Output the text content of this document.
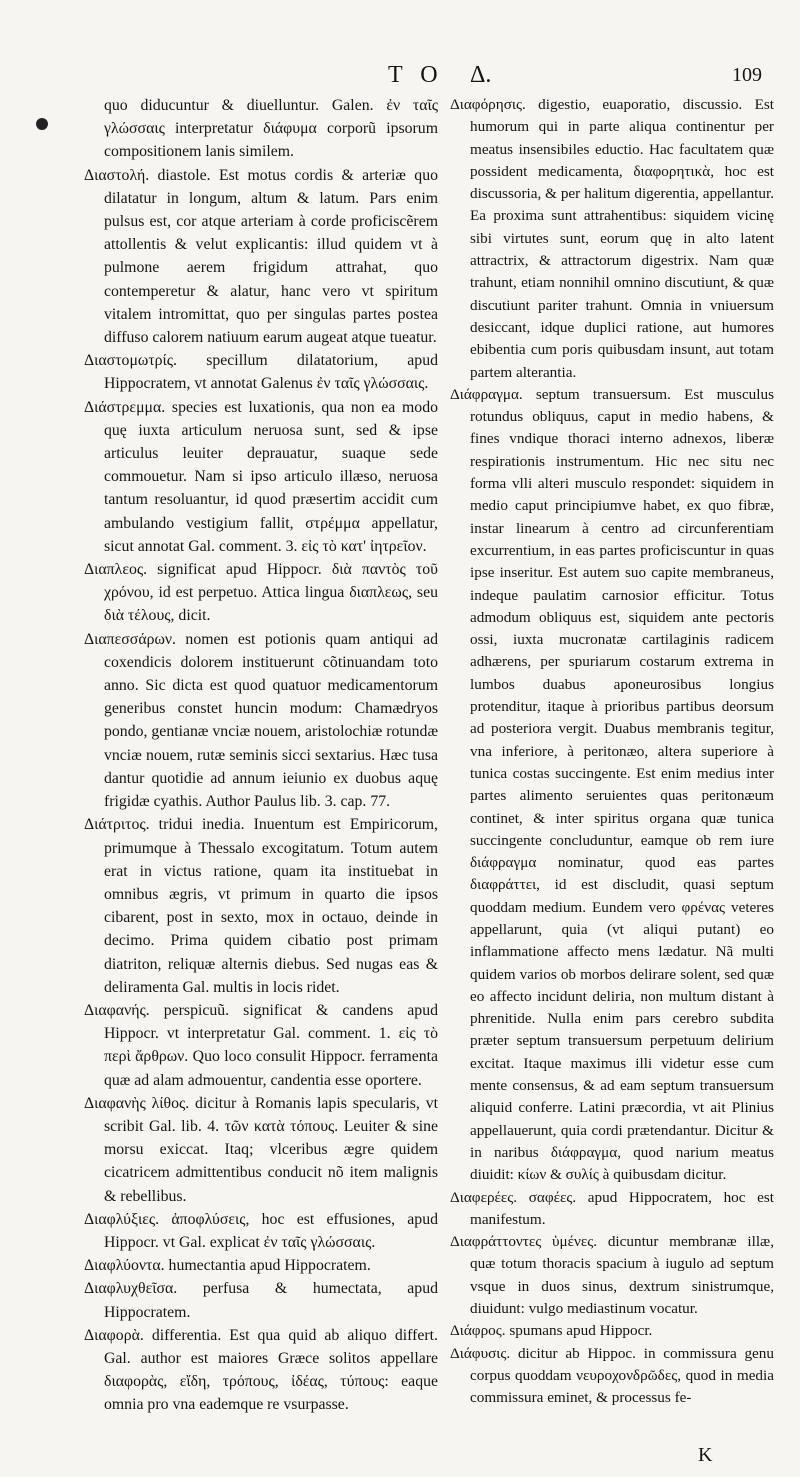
T O Δ.	109

quo diducuntur & diuelluntur. Galen. ἐν ταῖς γλώσσαις interpretatur διάφυμα corporũ ipsorum compositionem lanis similem.

Διαστολή. diastole. Est motus cordis & arteriæ quo dilatatur in longum, altum & latum. Pars enim pulsus est, cor atque arteriam à corde proficiscẽrem attollentis & velut explicantis: illud quidem vt à pulmone aerem frigidum attrahat, quo contemperetur & alatur, hanc vero vt spiritum vitalem intromittat, quo per singulas partes postea diffuso calorem natiuum earum augeat atque tueatur.

Διαστομωτρίς. specillum dilatatorium, apud Hippocratem, vt annotat Galenus ἐν ταῖς γλώσσαις.

Διάστρεμμα. species est luxationis, qua non ea modo quę iuxta articulum neruosa sunt, sed & ipse articulus leuiter deprauatur, suaque sede commouetur. Nam si ipso articulo illæso, neruosa tantum resoluantur, id quod præsertim accidit cum ambulando vestigium fallit, στρέμμα appellatur, sicut annotat Gal. comment. 3. εἰς τὸ κατ' ἰητρεῖον.

Διαπλεος. significat apud Hippocr. διὰ παντὸς τοῦ χρόνου, id est perpetuo. Attica lingua διαπλεως, seu διὰ τέλους, dicit.

Διαπεσσάρων. nomen est potionis quam antiqui ad coxendicis dolorem instituerunt cõtinuandam toto anno. Sic dicta est quod quatuor medicamentorum generibus constet huncin modum: Chamædryos pondo, gentianæ vnciæ nouem, aristolochiæ rotundæ vnciæ nouem, rutæ seminis sicci sextarius. Hæc tusa dantur quotidie ad annum ieiunio ex duobus aquę frigidæ cyathis. Author Paulus lib. 3. cap. 77.

Διάτριτος. tridui inedia. Inuentum est Empiricorum, primumque à Thessalo excogitatum. Totum autem erat in victus ratione, quam ita instituebat in omnibus ægris, vt primum in quarto die ipsos cibarent, post in sexto, mox in octauo, deinde in decimo. Prima quidem cibatio post primam diatriton, reliquæ alternis diebus. Sed nugas eas & deliramenta Gal. multis in locis ridet.

Διαφανής. perspicuũ. significat & candens apud Hippocr. vt interpretatur Gal. comment. 1. εἰς τὸ περὶ ἄρθρων. Quo loco consulit Hippocr. ferramenta quæ ad alam admouentur, candentia esse oportere.

Διαφανὴς λίθος. dicitur à Romanis lapis specularis, vt scribit Gal. lib. 4. τῶν κατὰ τόπους. Leuiter & sine morsu exiccat. Itaq; vlceribus ægre quidem cicatricem admittentibus conducit nõ item malignis & rebellibus.

Διαφλύξιες. ἀποφλύσεις, hoc est effusiones, apud Hippocr. vt Gal. explicat ἐν ταῖς γλώσσαις.

Διαφλύοντα. humectantia apud Hippocratem.

Διαφλυχθεῖσα. perfusa & humectata, apud Hippocratem.

Διαφορὰ. differentia. Est qua quid ab aliquo differt. Gal. author est maiores Græce solitos appellare διαφορὰς, εἴδη, τρόπους, ἰδέας, τύπους: eaque omnia pro vna eademque re vsurpasse.

Διαφόρησις. digestio, euaporatio, discussio. Est humorum qui in parte aliqua continentur per meatus insensibiles eductio. Hac facultatem quæ possident medicamenta, διαφορητικὰ, hoc est discussoria, & per halitum digerentia, appellantur. Ea proxima sunt attrahentibus: siquidem vicinę sibi virtutes sunt, eorum quę in alto latent attractrix, & attractorum digestrix. Nam quæ trahunt, etiam nonnihil omnino discutiunt, & quæ discutiunt pariter trahunt. Omnia in vniuersum desiccant, idque duplici ratione, aut humores ebibentia cum poris quibusdam insunt, aut totam partem alterantia.

Διάφραγμα. septum transuersum. Est musculus rotundus obliquus, caput in medio habens, & fines vndique thoraci interno adnexos, liberæ respirationis instrumentum. Hic nec situ nec forma vlli alteri musculo respondet: siquidem in medio caput principiumve habet, ex quo fibræ, instar linearum à centro ad circunferentiam excurrentium, in eas partes proficiscuntur in quas ipse inseritur. Est autem suo capite membraneus, indeque paulatim carnosior efficitur. Totus admodum obliquus est, siquidem ante pectoris ossi, iuxta mucronatæ cartilaginis radicem adhærens, per spuriarum costarum extrema in lumbos duabus aponeurosibus longius protenditur, itaque à prioribus partibus deorsum ad posteriora vergit. Duabus membranis tegitur, vna inferiore, à peritonæo, altera superiore à tunica costas succingente. Est enim medius inter partes alimento seruientes quas peritonæum continet, & inter spiritus organa quæ tunica succingente concluduntur, eamque ob rem iure διάφραγμα nominatur, quod eas partes διαφράττει, id est discludit, quasi septum quoddam medium. Eundem vero φρένας veteres appellarunt, quia (vt aliqui putant) eo inflammatione affecto mens lædatur. Nã multi quidem varios ob morbos delirare solent, sed quæ eo affecto incidunt deliria, non multum distant à phrenitide. Nulla enim pars cerebro subdita præter septum transuersum perpetuum delirium excitat. Itaque maximus illi videtur esse cum mente consensus, & ad eam septum transuersum aliquid conferre. Latini præcordia, vt ait Plinius appellauerunt, quia cordi prætendantur. Dicitur & in naribus διάφραγμα, quod narium meatus diuidit: κίων & συλίς à quibusdam dicitur.

Διαφερέες. σαφέες. apud Hippocratem, hoc est manifestum.

Διαφράττοντες ὑμένες. dicuntur membranæ illæ, quæ totum thoracis spacium à iugulo ad septum vsque in duos sinus, dextrum sinistrumque, diuidunt: vulgo mediastinum vocatur.

Διάφρος. spumans apud Hippocr.

Διάφυσις. dicitur ab Hippoc. in commissura genu corpus quoddam νευροχονδρῶδες, quod in media commissura eminet, & processus fe-

K
